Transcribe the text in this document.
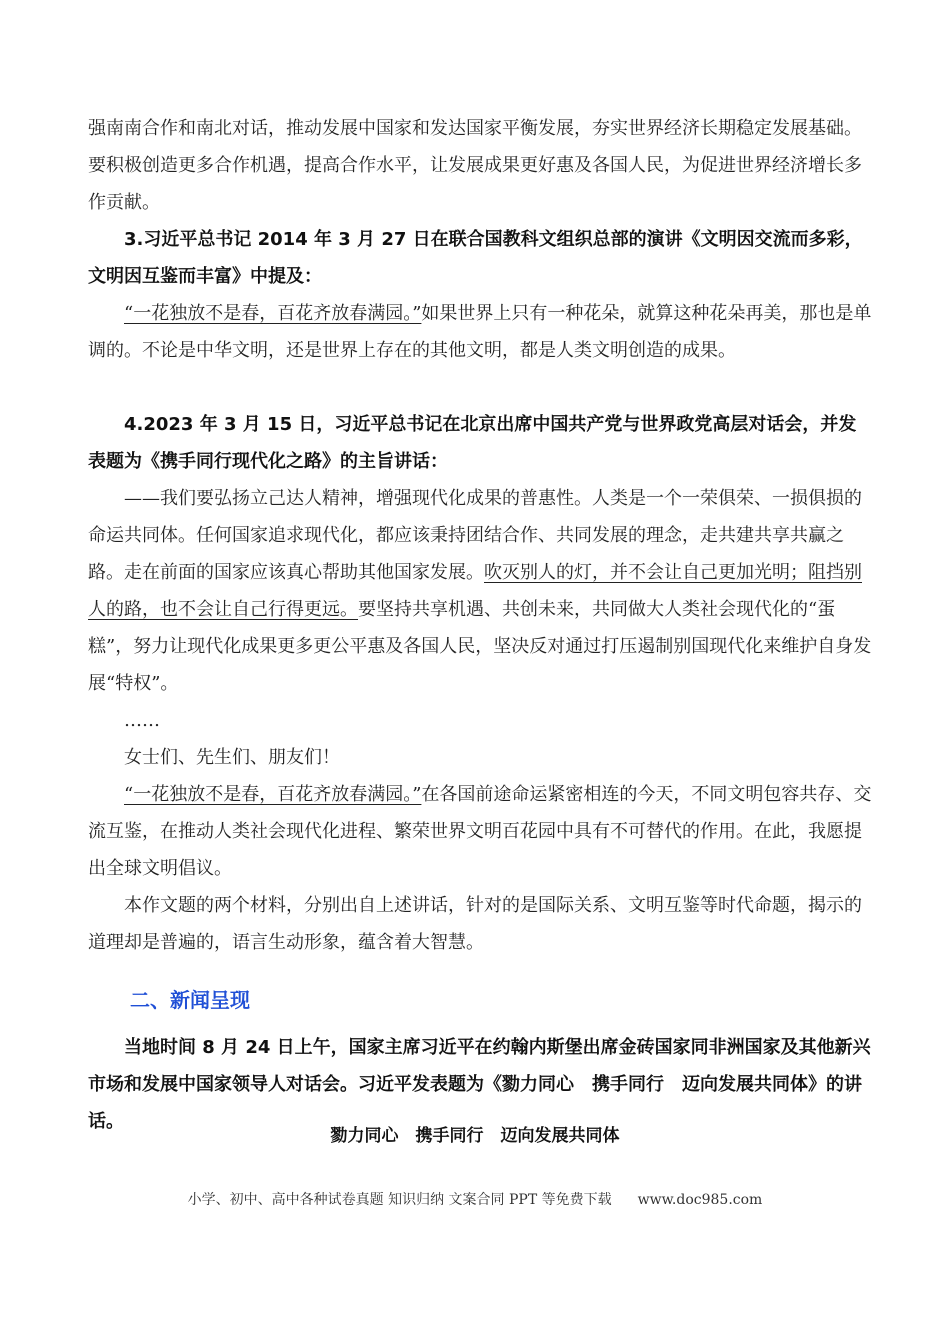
强南南合作和南北对话，推动发展中国家和发达国家平衡发展，夯实世界经济长期稳定发展基础。要积极创造更多合作机遇，提高合作水平，让发展成果更好惠及各国人民，为促进世界经济增长多作贡献。

3.习近平总书记 2014 年 3 月 27 日在联合国教科文组织总部的演讲《文明因交流而多彩，文明因互鉴而丰富》中提及：

“一花独放不是春，百花齐放春满园。”如果世界上只有一种花朵，就算这种花朵再美，那也是单调的。不论是中华文明，还是世界上存在的其他文明，都是人类文明创造的成果。

4.2023 年 3 月 15 日，习近平总书记在北京出席中国共产党与世界政党高层对话会，并发表题为《携手同行现代化之路》的主旨讲话：

——我们要弘扬立己达人精神，增强现代化成果的普惠性。人类是一个一荣俱荣、一损俱损的命运共同体。任何国家追求现代化，都应该秉持团结合作、共同发展的理念，走共建共享共赢之路。走在前面的国家应该真心帮助其他国家发展。吹灭别人的灯，并不会让自己更加光明；阻挡别人的路，也不会让自己行得更远。要坚持共享机遇、共创未来，共同做大人类社会现代化的“蛋糕”，努力让现代化成果更多更公平惠及各国人民，坚决反对通过打压遏制别国现代化来维护自身发展“特权”。

……

女士们、先生们、朋友们！

“一花独放不是春，百花齐放春满园。”在各国前途命运紧密相连的今天，不同文明包容共存、交流互鉴，在推动人类社会现代化进程、繁荣世界文明百花园中具有不可替代的作用。在此，我愿提出全球文明倡议。

本作文题的两个材料，分别出自上述讲话，针对的是国际关系、文明互鉴等时代命题，揭示的道理却是普遍的，语言生动形象，蕴含着大智慧。

二、新闻呈现

当地时间 8 月 24 日上午，国家主席习近平在约翰内斯堡出席金砖国家同非洲国家及其他新兴市场和发展中国家领导人对话会。习近平发表题为《勠力同心　携手同行　迈向发展共同体》的讲话。

勠力同心　携手同行　迈向发展共同体
小学、初中、高中各种试卷真题 知识归纳 文案合同 PPT 等免费下载 www.doc985.com
